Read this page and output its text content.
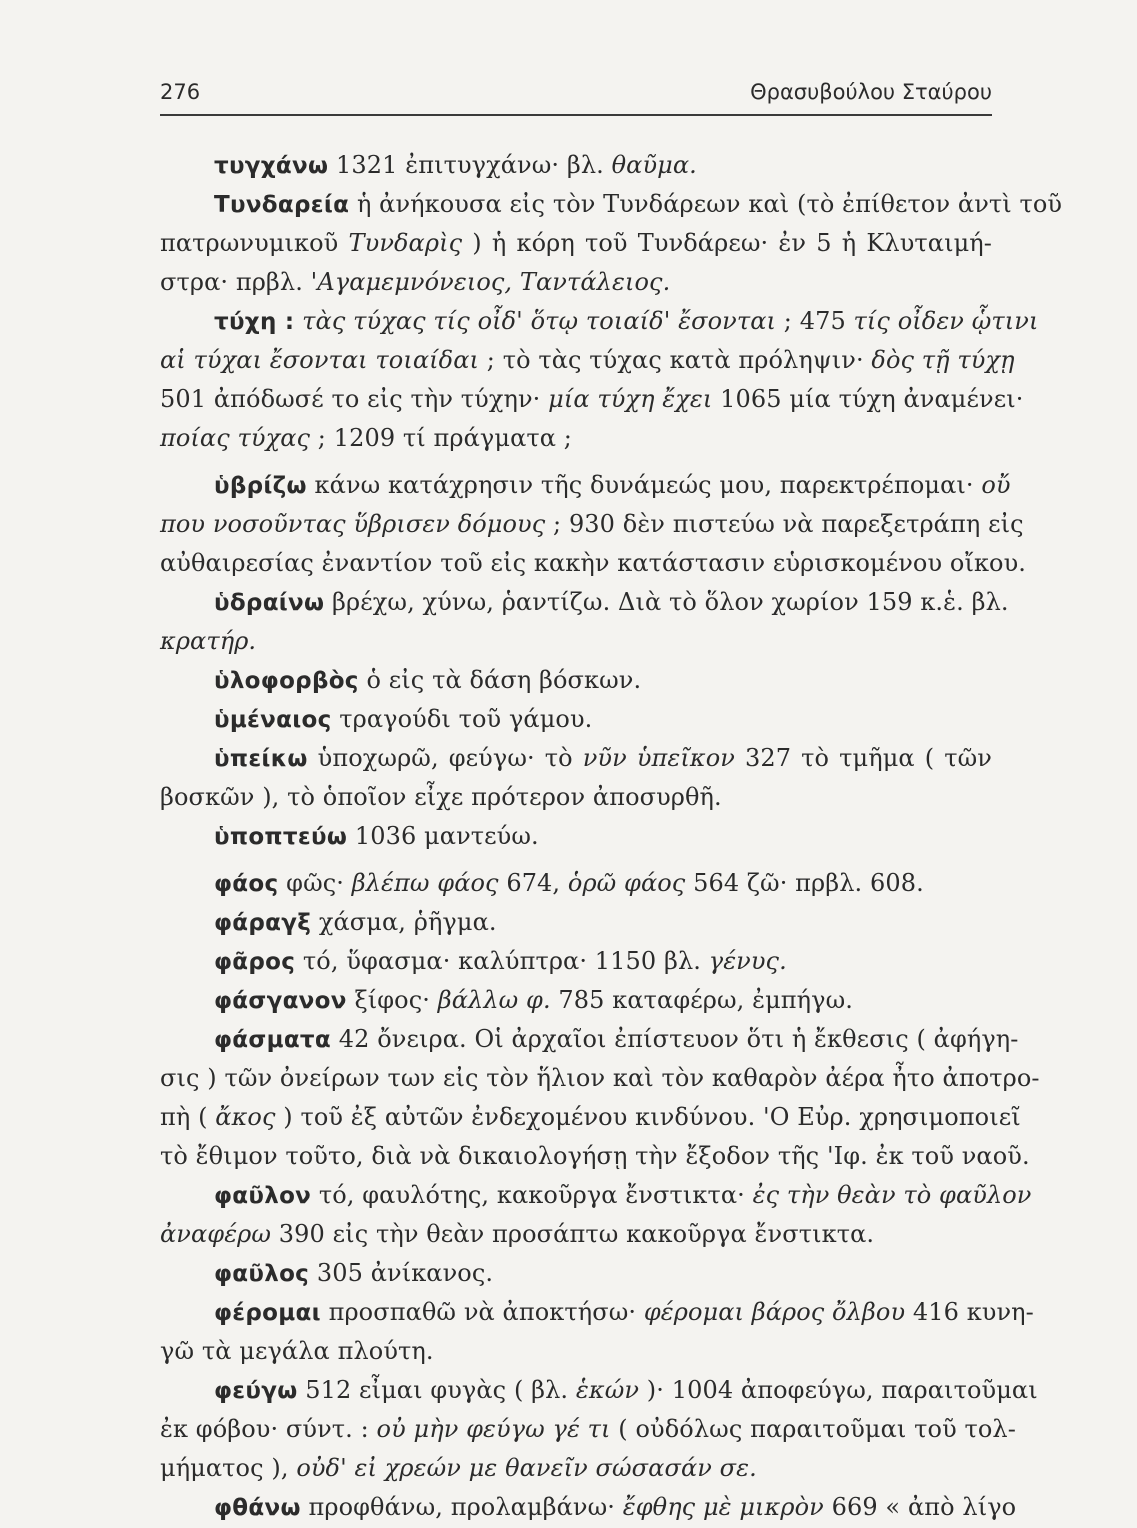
276	Θρασυβούλου Σταύρου
τυγχάνω 1321 ἐπιτυγχάνω· βλ. θαῦμα.
Τυνδαρεία ἡ ἀνήκουσα εἰς τὸν Τυνδάρεων καὶ (τὸ ἐπίθετον ἀντὶ τοῦ
πατρωνυμικοῦ Τυνδαρὶς ) ἡ κόρη τοῦ Τυνδάρεω· ἐν 5 ἡ Κλυταιμή-
στρα· πρβλ. 'Αγαμεμνόνειος, Ταντάλειος.
τύχη : τὰς τύχας τίς οἶδ' ὅτῳ τοιαίδ' ἔσονται ; 475 τίς οἶδεν ᾧτινι
αἱ τύχαι ἔσονται τοιαίδαι ; τὸ τὰς τύχας κατὰ πρόληψιν· δὸς τῇ τύχῃ
501 ἀπόδωσέ το εἰς τὴν τύχην· μία τύχη ἔχει 1065 μία τύχη ἀναμένει·
ποίας τύχας ; 1209 τί πράγματα ;
ὑβρίζω κάνω κατάχρησιν τῆς δυνάμεώς μου, παρεκτρέπομαι· οὔ
που νοσοῦντας ὕβρισεν δόμους ; 930 δὲν πιστεύω νὰ παρεξετράπη εἰς
αὐθαιρεσίας ἐναντίον τοῦ εἰς κακὴν κατάστασιν εὑρισκομένου οἴκου.
ὑδραίνω βρέχω, χύνω, ῥαντίζω. Διὰ τὸ ὅλον χωρίον 159 κ.ἑ. βλ.
κρατήρ.
ὑλοφορβὸς ὁ εἰς τὰ δάση βόσκων.
ὑμέναιος τραγούδι τοῦ γάμου.
ὑπείκω ὑποχωρῶ, φεύγω· τὸ νῦν ὑπεῖκον 327 τὸ τμῆμα ( τῶν
βοσκῶν ), τὸ ὁποῖον εἶχε πρότερον ἀποσυρθῆ.
ὑποπτεύω 1036 μαντεύω.
φάος φῶς· βλέπω φάος 674, ὁρῶ φάος 564 ζῶ· πρβλ. 608.
φάραγξ χάσμα, ῥῆγμα.
φᾶρος τό, ὕφασμα· καλύπτρα· 1150 βλ. γένυς.
φάσγανον ξίφος· βάλλω φ. 785 καταφέρω, ἐμπήγω.
φάσματα 42 ὄνειρα. Οἱ ἀρχαῖοι ἐπίστευον ὅτι ἡ ἔκθεσις ( ἀφήγη-
σις ) τῶν ὀνείρων των εἰς τὸν ἥλιον καὶ τὸν καθαρὸν ἀέρα ἦτο ἀποτρο-
πὴ ( ἄκος ) τοῦ ἐξ αὐτῶν ἐνδεχομένου κινδύνου. 'Ο Εὐρ. χρησιμοποιεῖ
τὸ ἔθιμον τοῦτο, διὰ νὰ δικαιολογήσῃ τὴν ἔξοδον τῆς 'Ιφ. ἐκ τοῦ ναοῦ.
φαῦλον τό, φαυλότης, κακοῦργα ἔνστικτα· ἐς τὴν θεὰν τὸ φαῦλον
ἀναφέρω 390 εἰς τὴν θεὰν προσάπτω κακοῦργα ἔνστικτα.
φαῦλος 305 ἀνίκανος.
φέρομαι προσπαθῶ νὰ ἀποκτήσω· φέρομαι βάρος ὄλβου 416 κυνη-
γῶ τὰ μεγάλα πλούτη.
φεύγω 512 εἶμαι φυγὰς ( βλ. ἑκών )· 1004 ἀποφεύγω, παραιτοῦμαι
ἐκ φόβου· σύντ. : οὐ μὴν φεύγω γέ τι ( οὐδόλως παραιτοῦμαι τοῦ τολ-
μήματος ), οὐδ' εἰ χρεών με θανεῖν σώσασάν σε.
φθάνω προφθάνω, προλαμβάνω· ἔφθης μὲ μικρὸν 669 « ἀπὸ λίγο
